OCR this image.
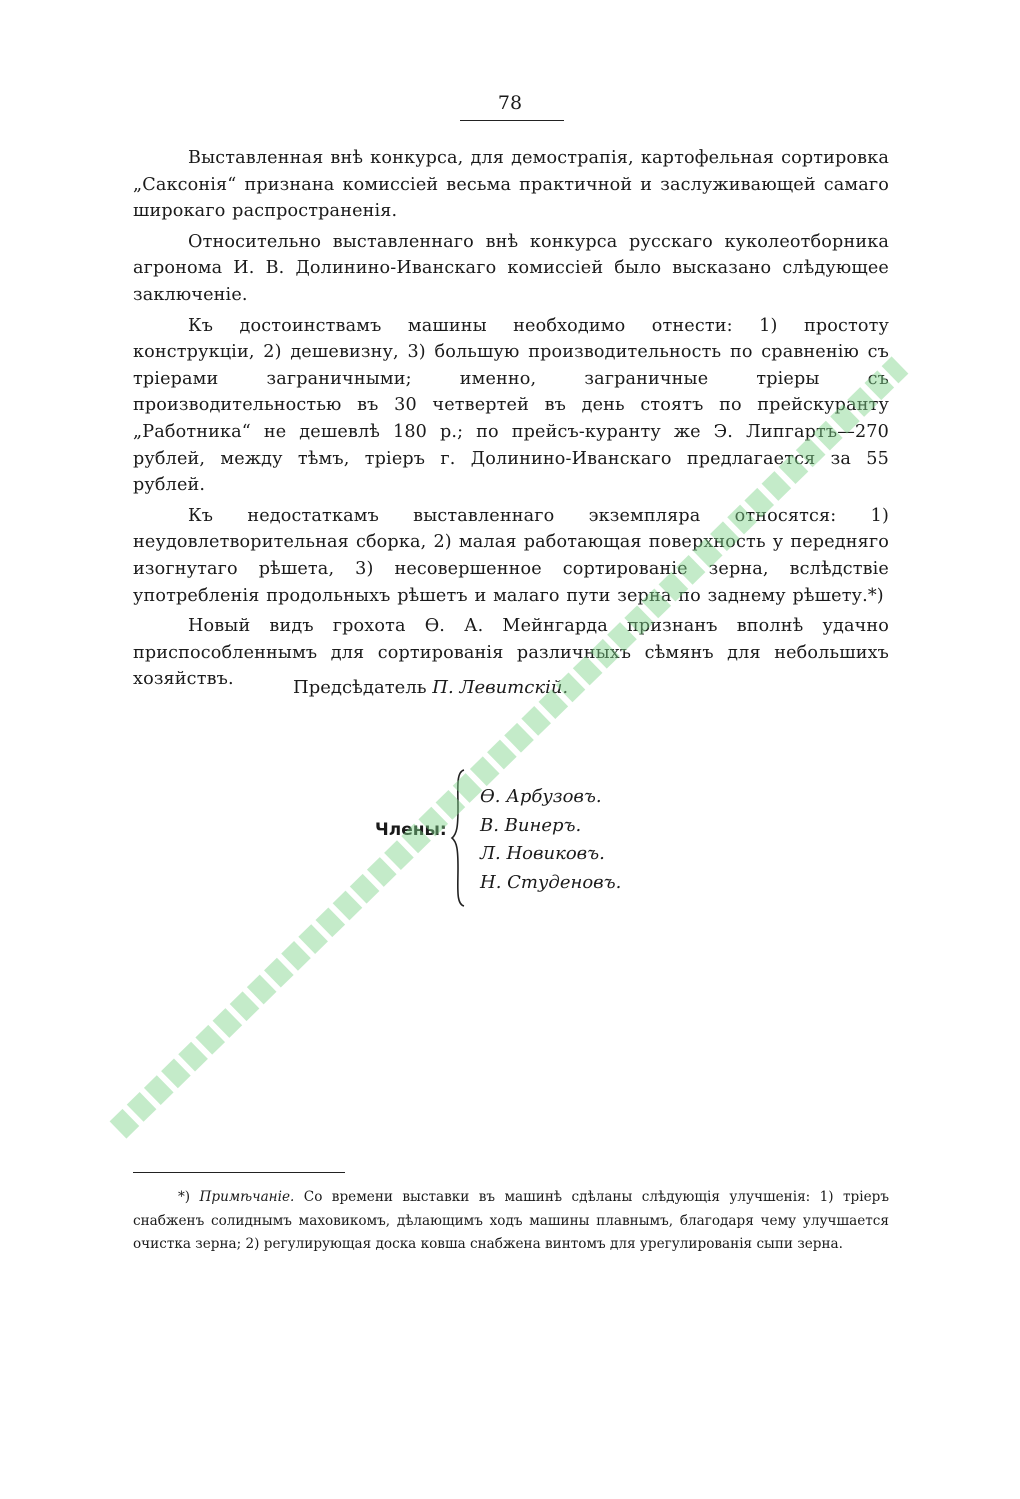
78

Выставленная внѣ конкурса, для демострапія, картофельная сортировка „Саксонія“ признана комиссіей весьма практичной и заслуживающей самаго широкаго распространенія.

Относительно выставленнаго внѣ конкурса русскаго куколеотборника агронома И. В. Долинино-Иванскаго комиссіей было высказано слѣдующее заключеніе.

Къ достоинствамъ машины необходимо отнести: 1) простоту конструкціи, 2) дешевизну, 3) большую производительность по сравненію съ тріерами заграничными; именно, заграничные тріеры съ производительностью въ 30 четвертей въ день стоятъ по прейскуранту „Работника“ не дешевлѣ 180 р.; по прейсъ-куранту же Э. Липгартъ—270 рублей, между тѣмъ, тріеръ г. Долинино-Иванскаго предлагается за 55 рублей.

Къ недостаткамъ выставленнаго экземпляра относятся: 1) неудовлетворительная сборка, 2) малая работающая поверхность у передняго изогнутаго рѣшета, 3) несовершенное сортированіе зерна, вслѣдствіе употребленія продольныхъ рѣшетъ и малаго пути зерна по заднему рѣшету.*)

Новый видъ грохота Ѳ. А. Мейнгарда признанъ вполнѣ удачно приспособленнымъ для сортированія различныхъ сѣмянъ для небольшихъ хозяйствъ.	Предсѣдатель П. Левитскій.
Члены:
Ѳ. Арбузовъ.
В. Винеръ.
Л. Новиковъ.
Н. Студеновъ.

*) Примѣчаніе. Со времени выставки въ машинѣ сдѣланы слѣдующія улучшенія: 1) тріеръ снабженъ солиднымъ маховикомъ, дѣлающимъ ходъ машины плавнымъ, благодаря чему улучшается очистка зерна; 2) регулирующая доска ковша снабжена винтомъ для урегулированія сыпи зерна.
